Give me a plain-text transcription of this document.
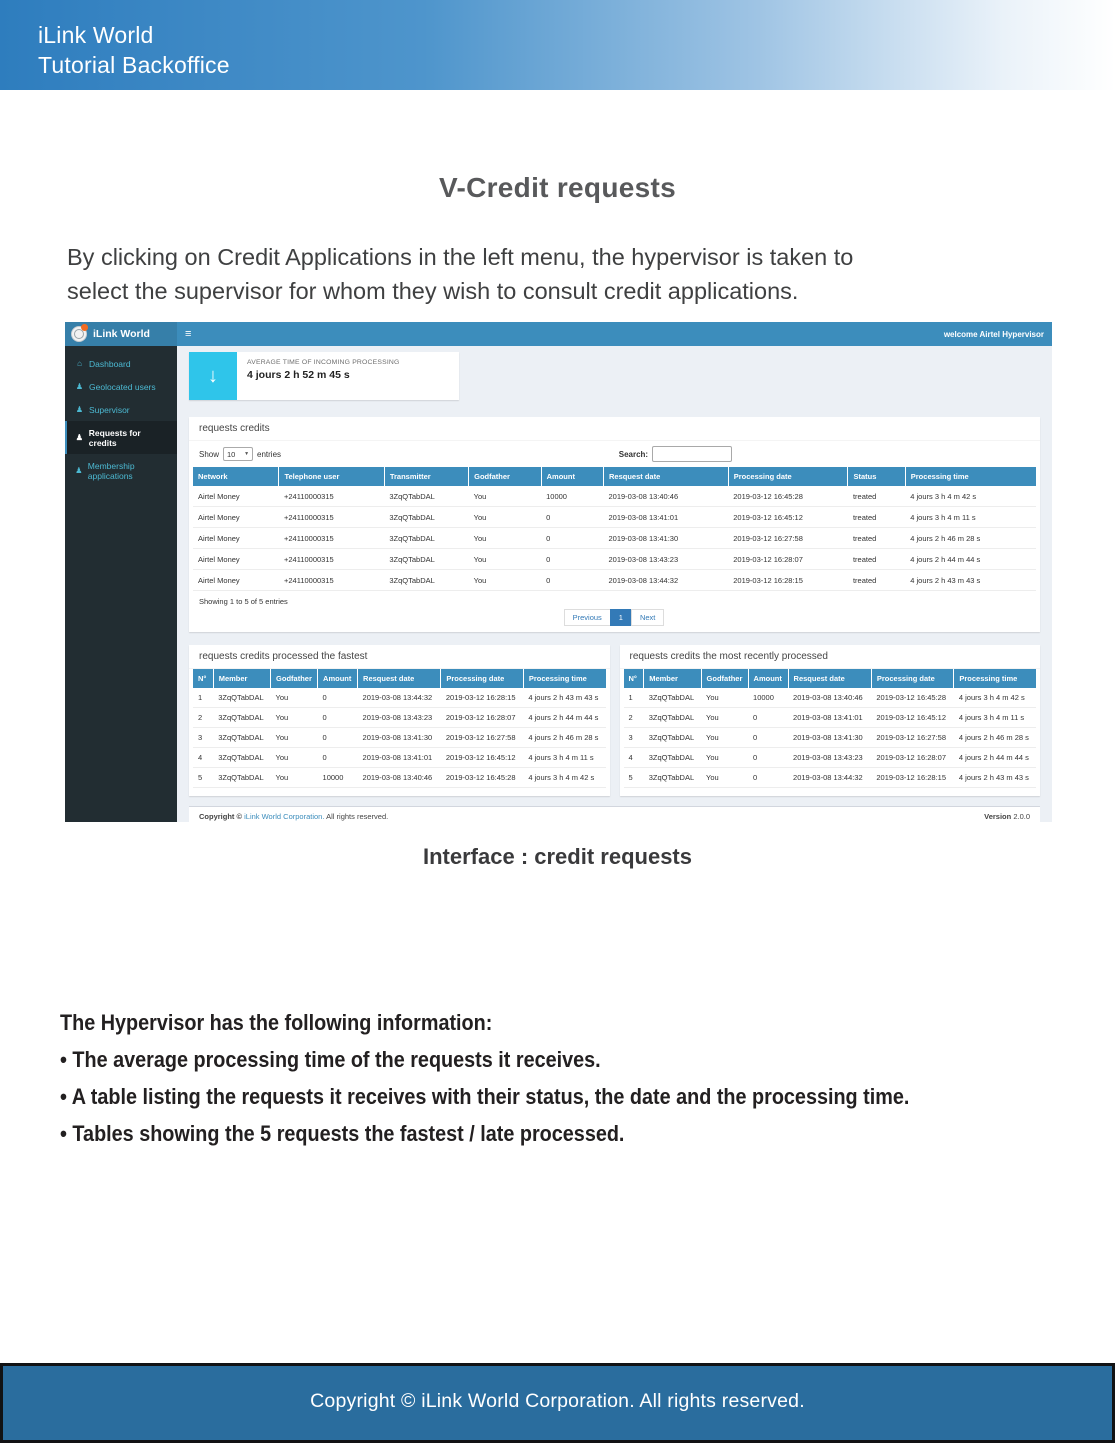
iLink World
Tutorial Backoffice
V-Credit requests
By clicking on Credit Applications in the left menu, the hypervisor is taken to
select the supervisor for whom they wish to consult credit applications.
iLink World	≡	welcome Airtel Hypervisor
⌂ Dashboard
♟ Geolocated users
♟ Supervisor
♟ Requests for credits
♟ Membership applications
↓
AVERAGE TIME OF INCOMING PROCESSING
4 jours 2 h 52 m 45 s
requests credits
Show 10 ▼ entries	Search:
Network	Telephone user	Transmitter	Godfather	Amount	Resquest date	Processing date	Status	Processing time
Airtel Money	+24110000315	3ZqQTabDAL	You	10000	2019-03-08 13:40:46	2019-03-12 16:45:28	treated	4 jours 3 h 4 m 42 s
Airtel Money	+24110000315	3ZqQTabDAL	You	0	2019-03-08 13:41:01	2019-03-12 16:45:12	treated	4 jours 3 h 4 m 11 s
Airtel Money	+24110000315	3ZqQTabDAL	You	0	2019-03-08 13:41:30	2019-03-12 16:27:58	treated	4 jours 2 h 46 m 28 s
Airtel Money	+24110000315	3ZqQTabDAL	You	0	2019-03-08 13:43:23	2019-03-12 16:28:07	treated	4 jours 2 h 44 m 44 s
Airtel Money	+24110000315	3ZqQTabDAL	You	0	2019-03-08 13:44:32	2019-03-12 16:28:15	treated	4 jours 2 h 43 m 43 s
Showing 1 to 5 of 5 entries
Previous	1	Next
requests credits processed the fastest
N°	Member	Godfather	Amount	Resquest date	Processing date	Processing time
1	3ZqQTabDAL	You	0	2019-03-08 13:44:32	2019-03-12 16:28:15	4 jours 2 h 43 m 43 s
2	3ZqQTabDAL	You	0	2019-03-08 13:43:23	2019-03-12 16:28:07	4 jours 2 h 44 m 44 s
3	3ZqQTabDAL	You	0	2019-03-08 13:41:30	2019-03-12 16:27:58	4 jours 2 h 46 m 28 s
4	3ZqQTabDAL	You	0	2019-03-08 13:41:01	2019-03-12 16:45:12	4 jours 3 h 4 m 11 s
5	3ZqQTabDAL	You	10000	2019-03-08 13:40:46	2019-03-12 16:45:28	4 jours 3 h 4 m 42 s
requests credits the most recently processed
N°	Member	Godfather	Amount	Resquest date	Processing date	Processing time
1	3ZqQTabDAL	You	10000	2019-03-08 13:40:46	2019-03-12 16:45:28	4 jours 3 h 4 m 42 s
2	3ZqQTabDAL	You	0	2019-03-08 13:41:01	2019-03-12 16:45:12	4 jours 3 h 4 m 11 s
3	3ZqQTabDAL	You	0	2019-03-08 13:41:30	2019-03-12 16:27:58	4 jours 2 h 46 m 28 s
4	3ZqQTabDAL	You	0	2019-03-08 13:43:23	2019-03-12 16:28:07	4 jours 2 h 44 m 44 s
5	3ZqQTabDAL	You	0	2019-03-08 13:44:32	2019-03-12 16:28:15	4 jours 2 h 43 m 43 s
Copyright © iLink World Corporation. All rights reserved.	Version 2.0.0
Interface : credit requests
The Hypervisor has the following information:
• The average processing time of the requests it receives.
• A table listing the requests it receives with their status, the date and the processing time.
• Tables showing the 5 requests the fastest / late processed.
Copyright © iLink World Corporation. All rights reserved.
